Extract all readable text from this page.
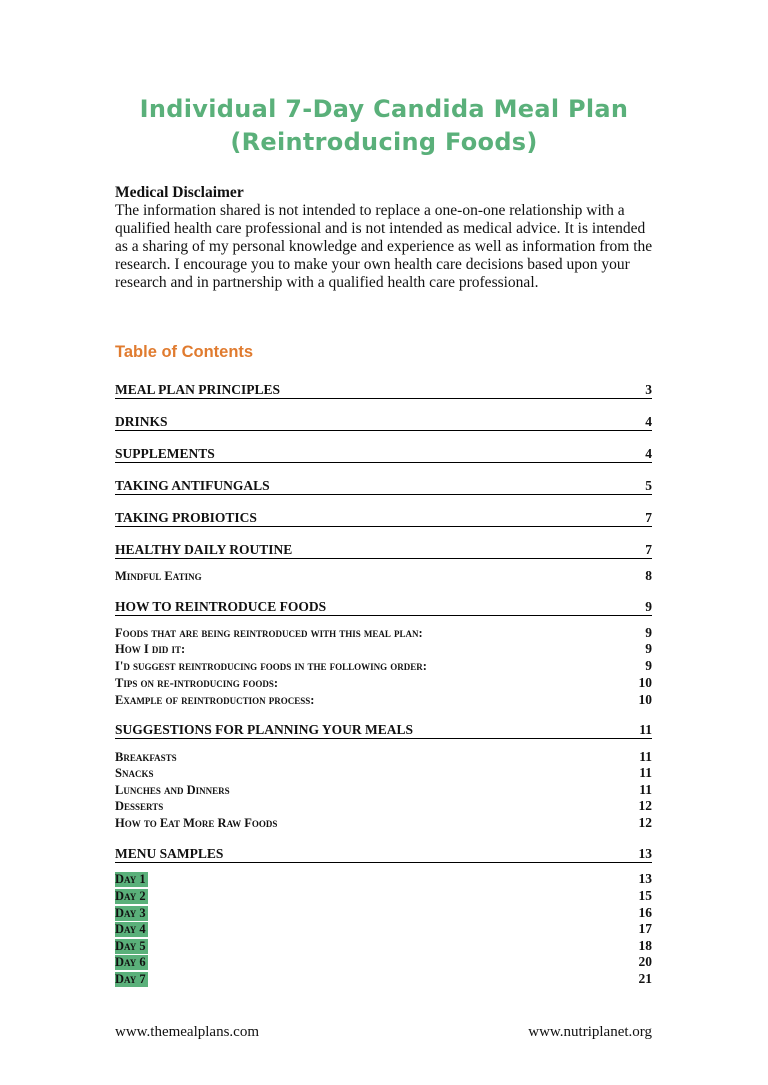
Individual 7-Day Candida Meal Plan
(Reintroducing Foods)
Medical Disclaimer
The information shared is not intended to replace a one-on-one relationship with a qualified health care professional and is not intended as medical advice. It is intended as a sharing of my personal knowledge and experience as well as information from the research. I encourage you to make your own health care decisions based upon your research and in partnership with a qualified health care professional.
Table of Contents
MEAL PLAN PRINCIPLES	3
DRINKS	4
SUPPLEMENTS	4
TAKING ANTIFUNGALS	5
TAKING PROBIOTICS	7
HEALTHY DAILY ROUTINE	7
Mindful Eating	8
HOW TO REINTRODUCE FOODS	9
Foods that are being reintroduced with this meal plan:	9
How I did it:	9
I'd suggest reintroducing foods in the following order:	9
Tips on re-introducing foods:	10
Example of reintroduction process:	10
SUGGESTIONS FOR PLANNING YOUR MEALS	11
Breakfasts	11
Snacks	11
Lunches and Dinners	11
Desserts	12
How to Eat More Raw Foods	12
MENU SAMPLES	13
Day 1	13
Day 2	15
Day 3	16
Day 4	17
Day 5	18
Day 6	20
Day 7	21
www.themealplans.com	www.nutriplanet.org
